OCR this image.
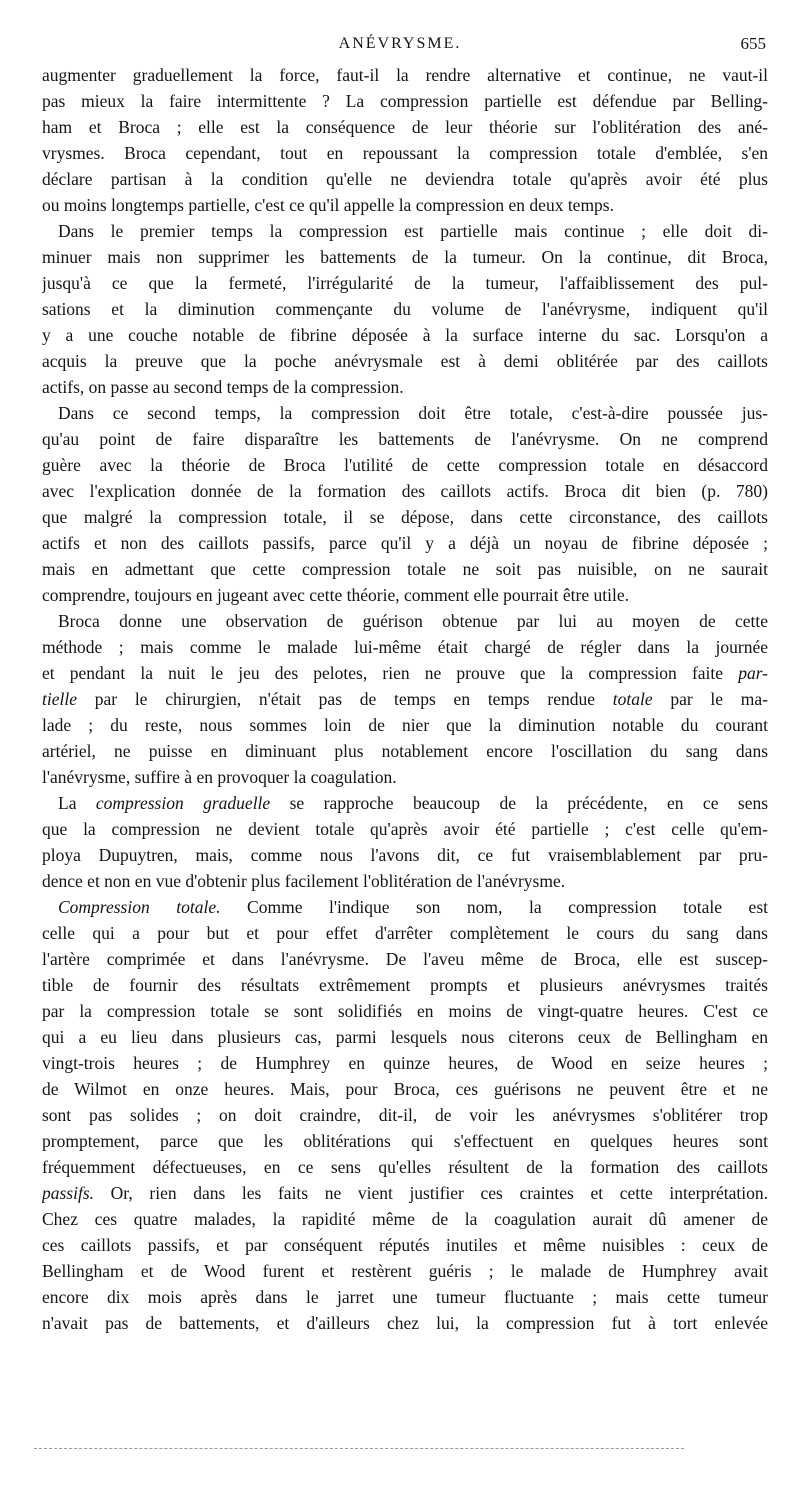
ANÉVRYSME.	655
augmenter graduellement la force, faut-il la rendre alternative et continue, ne vaut-il
pas mieux la faire intermittente ? La compression partielle est défendue par Belling-
ham et Broca ; elle est la conséquence de leur théorie sur l'oblitération des ané-
vrysmes. Broca cependant, tout en repoussant la compression totale d'emblée, s'en
déclare partisan à la condition qu'elle ne deviendra totale qu'après avoir été plus
ou moins longtemps partielle, c'est ce qu'il appelle la compression en deux temps.
Dans le premier temps la compression est partielle mais continue ; elle doit di-
minuer mais non supprimer les battements de la tumeur. On la continue, dit Broca,
jusqu'à ce que la fermeté, l'irrégularité de la tumeur, l'affaiblissement des pul-
sations et la diminution commençante du volume de l'anévrysme, indiquent qu'il
y a une couche notable de fibrine déposée à la surface interne du sac. Lorsqu'on a
acquis la preuve que la poche anévrysmale est à demi oblitérée par des caillots
actifs, on passe au second temps de la compression.
Dans ce second temps, la compression doit être totale, c'est-à-dire poussée jus-
qu'au point de faire disparaître les battements de l'anévrysme. On ne comprend
guère avec la théorie de Broca l'utilité de cette compression totale en désaccord
avec l'explication donnée de la formation des caillots actifs. Broca dit bien (p. 780)
que malgré la compression totale, il se dépose, dans cette circonstance, des caillots
actifs et non des caillots passifs, parce qu'il y a déjà un noyau de fibrine déposée ;
mais en admettant que cette compression totale ne soit pas nuisible, on ne saurait
comprendre, toujours en jugeant avec cette théorie, comment elle pourrait être utile.
Broca donne une observation de guérison obtenue par lui au moyen de cette
méthode ; mais comme le malade lui-même était chargé de régler dans la journée
et pendant la nuit le jeu des pelotes, rien ne prouve que la compression faite par-
tielle par le chirurgien, n'était pas de temps en temps rendue totale par le ma-
lade ; du reste, nous sommes loin de nier que la diminution notable du courant
artériel, ne puisse en diminuant plus notablement encore l'oscillation du sang dans
l'anévrysme, suffire à en provoquer la coagulation.
La compression graduelle se rapproche beaucoup de la précédente, en ce sens
que la compression ne devient totale qu'après avoir été partielle ; c'est celle qu'em-
ploya Dupuytren, mais, comme nous l'avons dit, ce fut vraisemblablement par pru-
dence et non en vue d'obtenir plus facilement l'oblitération de l'anévrysme.
Compression totale. Comme l'indique son nom, la compression totale est
celle qui a pour but et pour effet d'arrêter complètement le cours du sang dans
l'artère comprimée et dans l'anévrysme. De l'aveu même de Broca, elle est suscep-
tible de fournir des résultats extrêmement prompts et plusieurs anévrysmes traités
par la compression totale se sont solidifiés en moins de vingt-quatre heures. C'est ce
qui a eu lieu dans plusieurs cas, parmi lesquels nous citerons ceux de Bellingham en
vingt-trois heures ; de Humphrey en quinze heures, de Wood en seize heures ;
de Wilmot en onze heures. Mais, pour Broca, ces guérisons ne peuvent être et ne
sont pas solides ; on doit craindre, dit-il, de voir les anévrysmes s'oblitérer trop
promptement, parce que les oblitérations qui s'effectuent en quelques heures sont
fréquemment défectueuses, en ce sens qu'elles résultent de la formation des caillots
passifs. Or, rien dans les faits ne vient justifier ces craintes et cette interprétation.
Chez ces quatre malades, la rapidité même de la coagulation aurait dû amener de
ces caillots passifs, et par conséquent réputés inutiles et même nuisibles : ceux de
Bellingham et de Wood furent et restèrent guéris ; le malade de Humphrey avait
encore dix mois après dans le jarret une tumeur fluctuante ; mais cette tumeur
n'avait pas de battements, et d'ailleurs chez lui, la compression fut à tort enlevée
